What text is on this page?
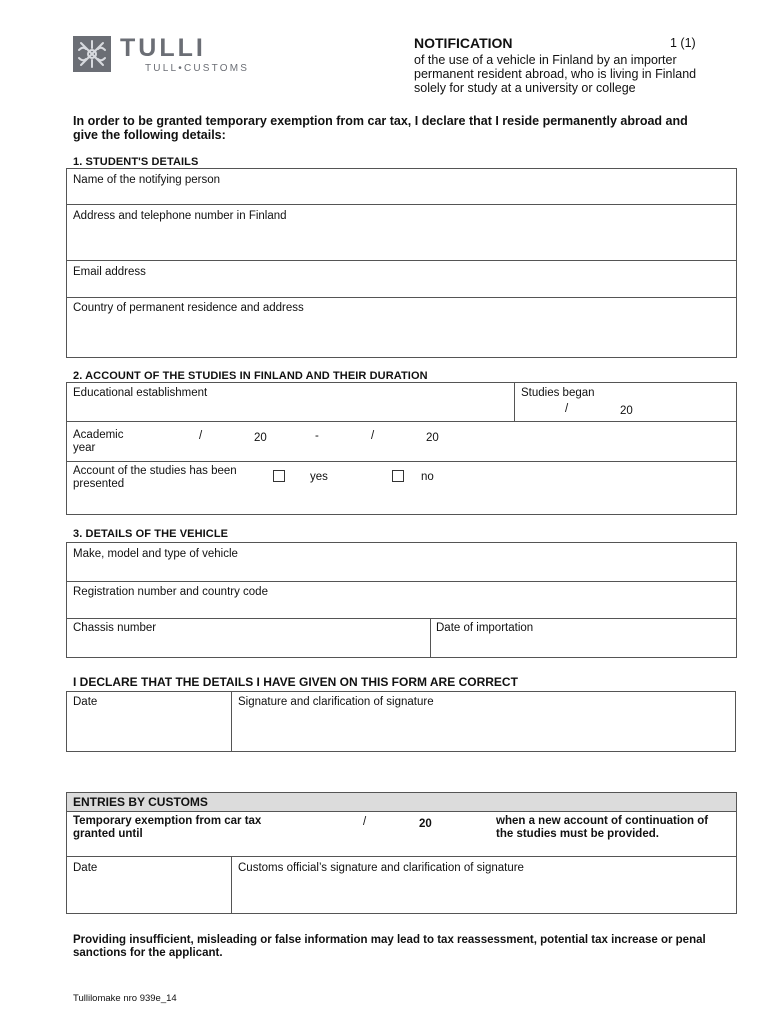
TULLI
TULL•CUSTOMS
NOTIFICATION	1 (1)
of the use of a vehicle in Finland by an importer
permanent resident abroad, who is living in Finland
solely for study at a university or college
In order to be granted temporary exemption from car tax, I declare that I reside permanently abroad and
give the following details:
1. STUDENT'S DETAILS
Name of the notifying person
Address and telephone number in Finland
Email address
Country of permanent residence and address
2. ACCOUNT OF THE STUDIES IN FINLAND AND THEIR DURATION
Educational establishment	Studies began
/	20
Academic
year
/	20	-	/	20
Account of the studies has been
presented
yes	no
3. DETAILS OF THE VEHICLE
Make, model and type of vehicle
Registration number and country code
Chassis number	Date of importation
I DECLARE THAT THE DETAILS I HAVE GIVEN ON THIS FORM ARE CORRECT
Date	Signature and clarification of signature
ENTRIES BY CUSTOMS
Temporary exemption from car tax
granted until
/	20	when a new account of continuation of
the studies must be provided.
Date	Customs official’s signature and clarification of signature
Providing insufficient, misleading or false information may lead to tax reassessment, potential tax increase or penal
sanctions for the applicant.
Tullilomake nro 939e_14
